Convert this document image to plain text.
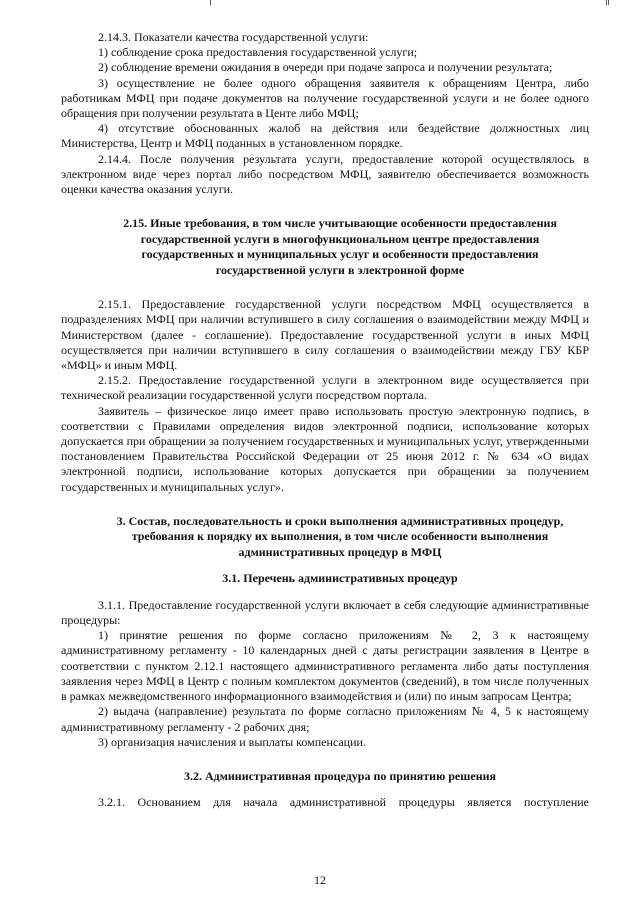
2.14.3. Показатели качества государственной услуги:

1) соблюдение срока предоставления государственной услуги;

2) соблюдение времени ожидания в очереди при подаче запроса и получении результата;

3) осуществление не более одного обращения заявителя к обращениям Центра, либо работникам МФЦ при подаче документов на получение государственной услуги и не более одного обращения при получении результата в Центе либо МФЦ;

4) отсутствие обоснованных жалоб на действия или бездействие должностных лиц Министерства, Центр и МФЦ поданных в установленном порядке.

2.14.4. После получения результата услуги, предоставление которой осуществлялось в электронном виде через портал либо посредством МФЦ, заявителю обеспечивается возможность оценки качества оказания услуги.

2.15. Иные требования, в том числе учитывающие особенности предоставления государственной услуги в многофункциональном центре предоставления государственных и муниципальных услуг и особенности предоставления государственной услуги в электронной форме

2.15.1. Предоставление государственной услуги посредством МФЦ осуществляется в подразделениях МФЦ при наличии вступившего в силу соглашения о взаимодействии между МФЦ и Министерством (далее - соглашение). Предоставление государственной услуги в иных МФЦ осуществляется при наличии вступившего в силу соглашения о взаимодействии между ГБУ КБР «МФЦ» и иным МФЦ.

2.15.2. Предоставление государственной услуги в электронном виде осуществляется при технической реализации государственной услуги посредством портала.

Заявитель – физическое лицо имеет право использовать простую электронную подпись, в соответствии с Правилами определения видов электронной подписи, использование которых допускается при обращении за получением государственных и муниципальных услуг, утвержденными постановлением Правительства Российской Федерации от 25 июня 2012 г. № 634 «О видах электронной подписи, использование которых допускается при обращении за получением государственных и муниципальных услуг».

3. Состав, последовательность и сроки выполнения административных процедур, требования к порядку их выполнения, в том числе особенности выполнения административных процедур в МФЦ

3.1. Перечень административных процедур

3.1.1. Предоставление государственной услуги включает в себя следующие административные процедуры:

1) принятие решения по форме согласно приложениям № 2, 3 к настоящему административному регламенту - 10 календарных дней с даты регистрации заявления в Центре в соответствии с пунктом 2.12.1 настоящего административного регламента либо даты поступления заявления через МФЦ в Центр с полным комплектом документов (сведений), в том числе полученных в рамках межведомственного информационного взаимодействия и (или) по иным запросам Центра;

2) выдача (направление) результата по форме согласно приложениям № 4, 5 к настоящему административному регламенту - 2 рабочих дня;

3) организация начисления и выплаты компенсации.

3.2. Административная процедура по принятию решения

3.2.1. Основанием для начала административной процедуры является поступление

12
